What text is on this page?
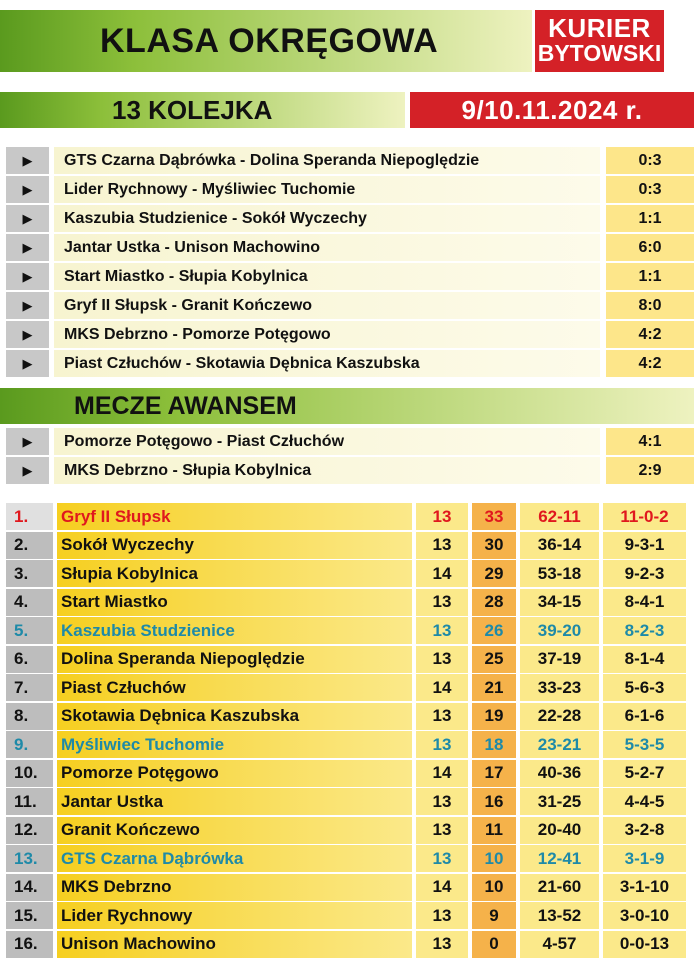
KLASA OKRĘGOWA	KURIER
BYTOWSKI
13 KOLEJKA	9/10.11.2024 r.
▶	GTS Czarna Dąbrówka - Dolina Speranda Niepoględzie	0:3
▶	Lider Rychnowy - Myśliwiec Tuchomie	0:3
▶	Kaszubia Studzienice - Sokół Wyczechy	1:1
▶	Jantar Ustka - Unison Machowino	6:0
▶	Start Miastko - Słupia Kobylnica	1:1
▶	Gryf II Słupsk - Granit Kończewo	8:0
▶	MKS Debrzno - Pomorze Potęgowo	4:2
▶	Piast Człuchów - Skotawia Dębnica Kaszubska	4:2
MECZE AWANSEM
▶	Pomorze Potęgowo - Piast Człuchów	4:1
▶	MKS Debrzno - Słupia Kobylnica	2:9
1.	Gryf II Słupsk	13	33	62-11	11-0-2
2.	Sokół Wyczechy	13	30	36-14	9-3-1
3.	Słupia Kobylnica	14	29	53-18	9-2-3
4.	Start Miastko	13	28	34-15	8-4-1
5.	Kaszubia Studzienice	13	26	39-20	8-2-3
6.	Dolina Speranda Niepoględzie	13	25	37-19	8-1-4
7.	Piast Człuchów	14	21	33-23	5-6-3
8.	Skotawia Dębnica Kaszubska	13	19	22-28	6-1-6
9.	Myśliwiec Tuchomie	13	18	23-21	5-3-5
10.	Pomorze Potęgowo	14	17	40-36	5-2-7
11.	Jantar Ustka	13	16	31-25	4-4-5
12.	Granit Kończewo	13	11	20-40	3-2-8
13.	GTS Czarna Dąbrówka	13	10	12-41	3-1-9
14.	MKS Debrzno	14	10	21-60	3-1-10
15.	Lider Rychnowy	13	9	13-52	3-0-10
16.	Unison Machowino	13	0	4-57	0-0-13
